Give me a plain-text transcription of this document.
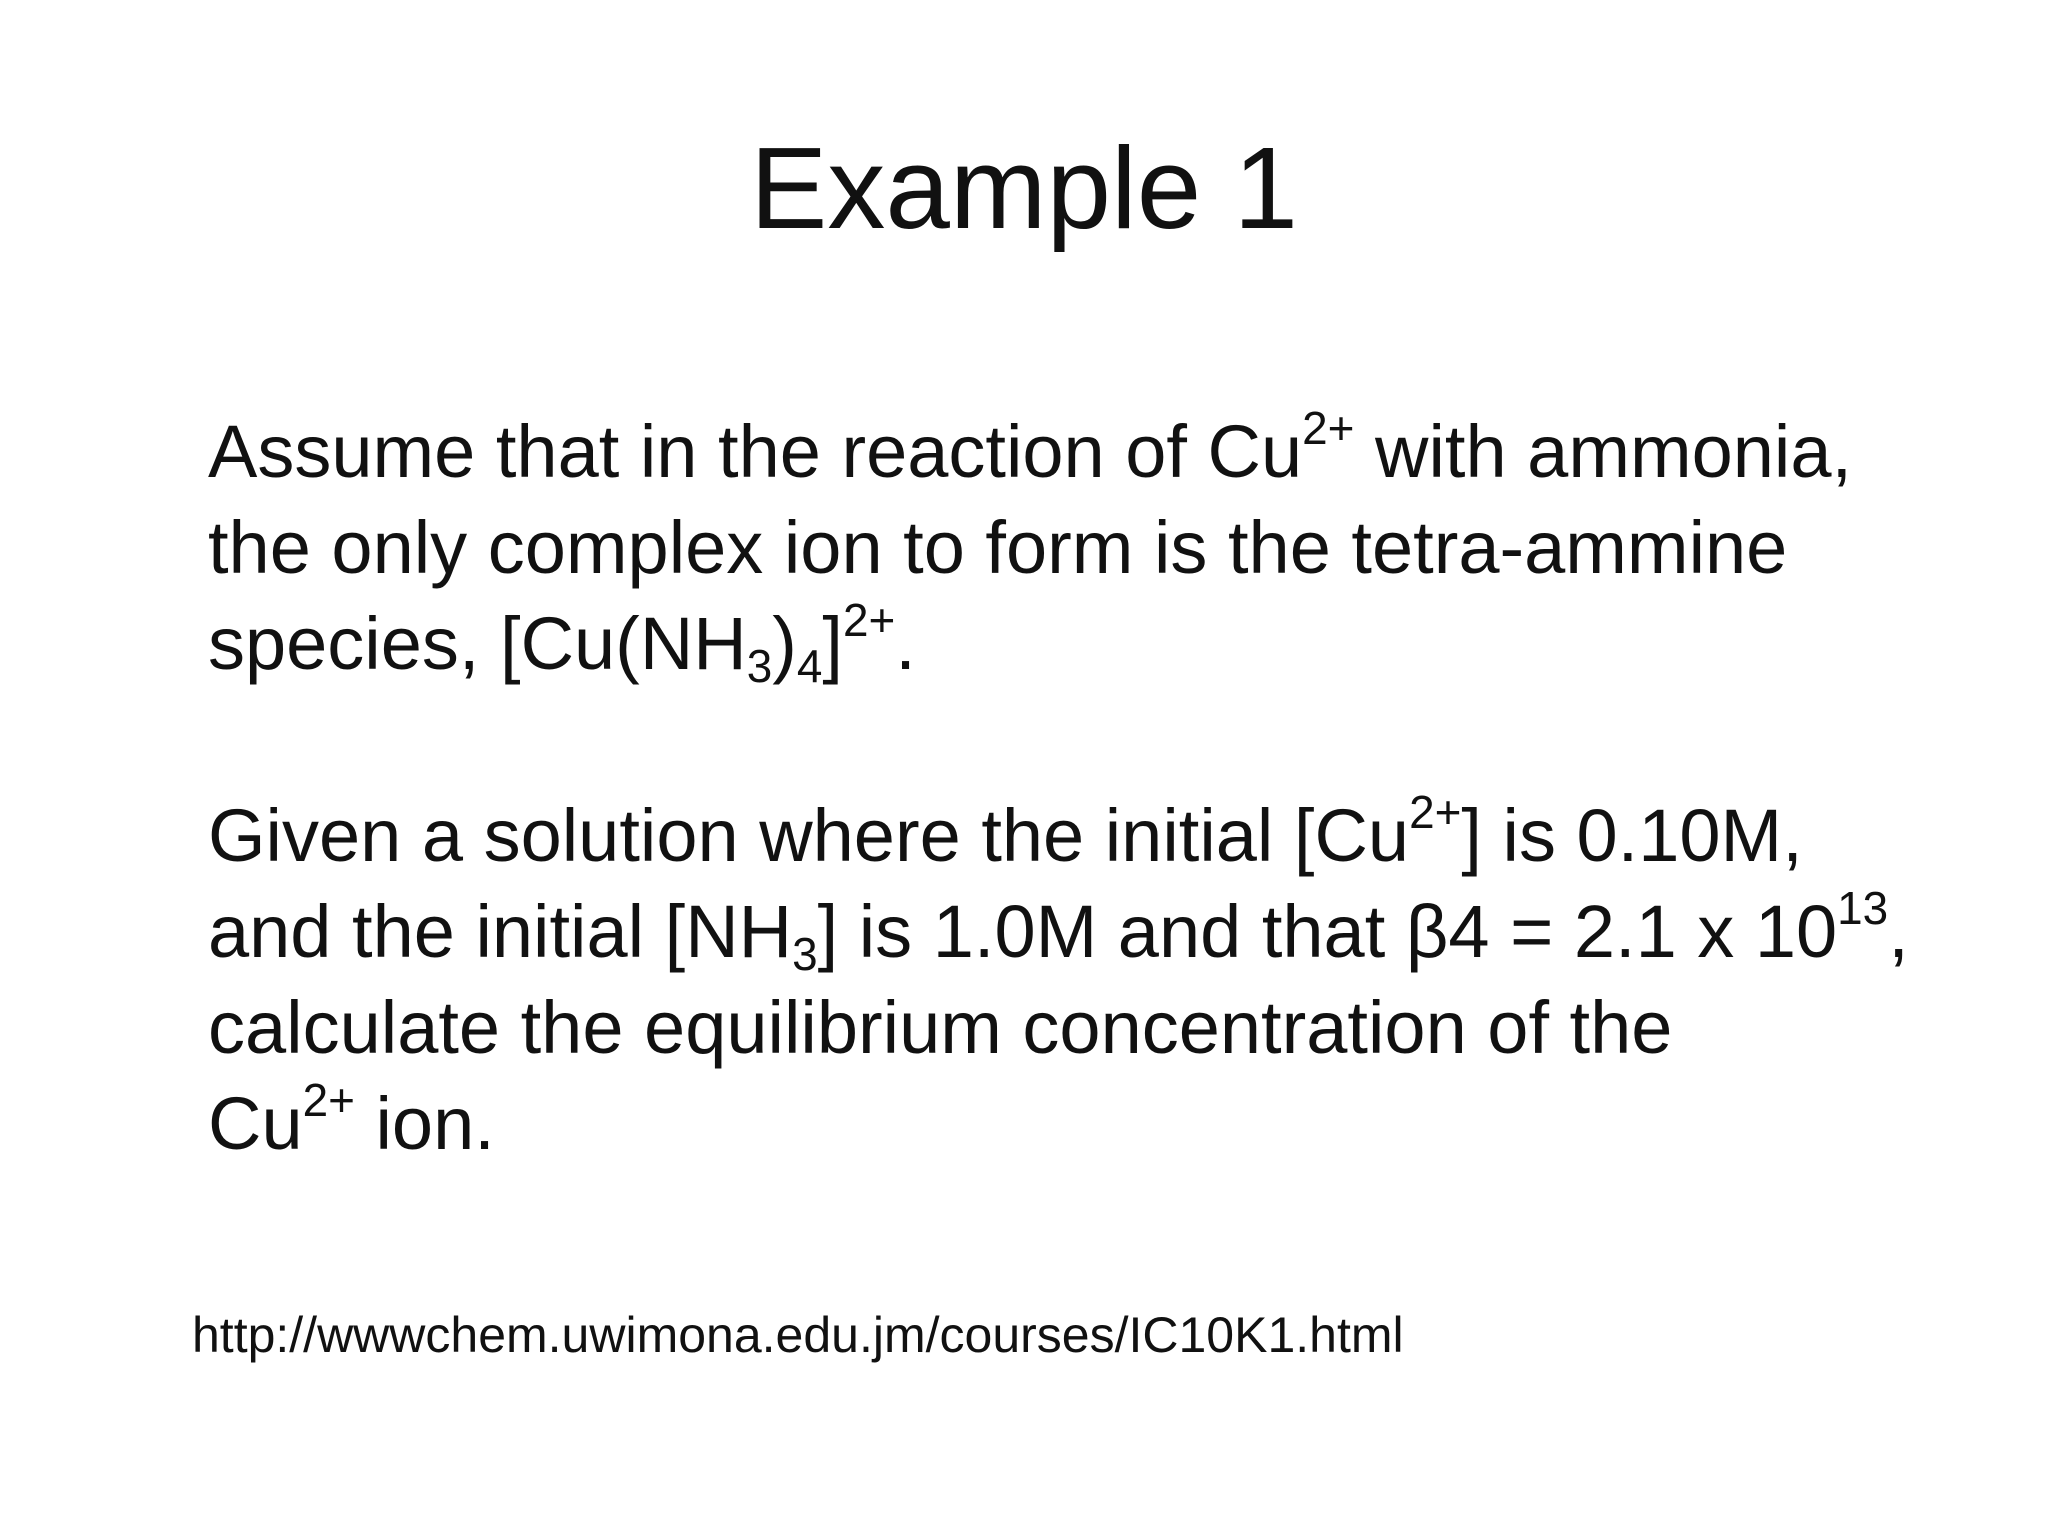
Example 1

Assume that in the reaction of $Cu^{2+}$ with ammonia,
the only complex ion to form is the tetra-ammine
species, $[Cu(NH_3)_4]^{2+}$.

Given a solution where the initial $[Cu^{2+}]$ is 0.10M,
and the initial $[NH_3]$ is 1.0M and that β4 = 2.1 x $10^{13}$,
calculate the equilibrium concentration of the
$Cu^{2+}$ ion.

http://wwwchem.uwimona.edu.jm/courses/IC10K1.html
